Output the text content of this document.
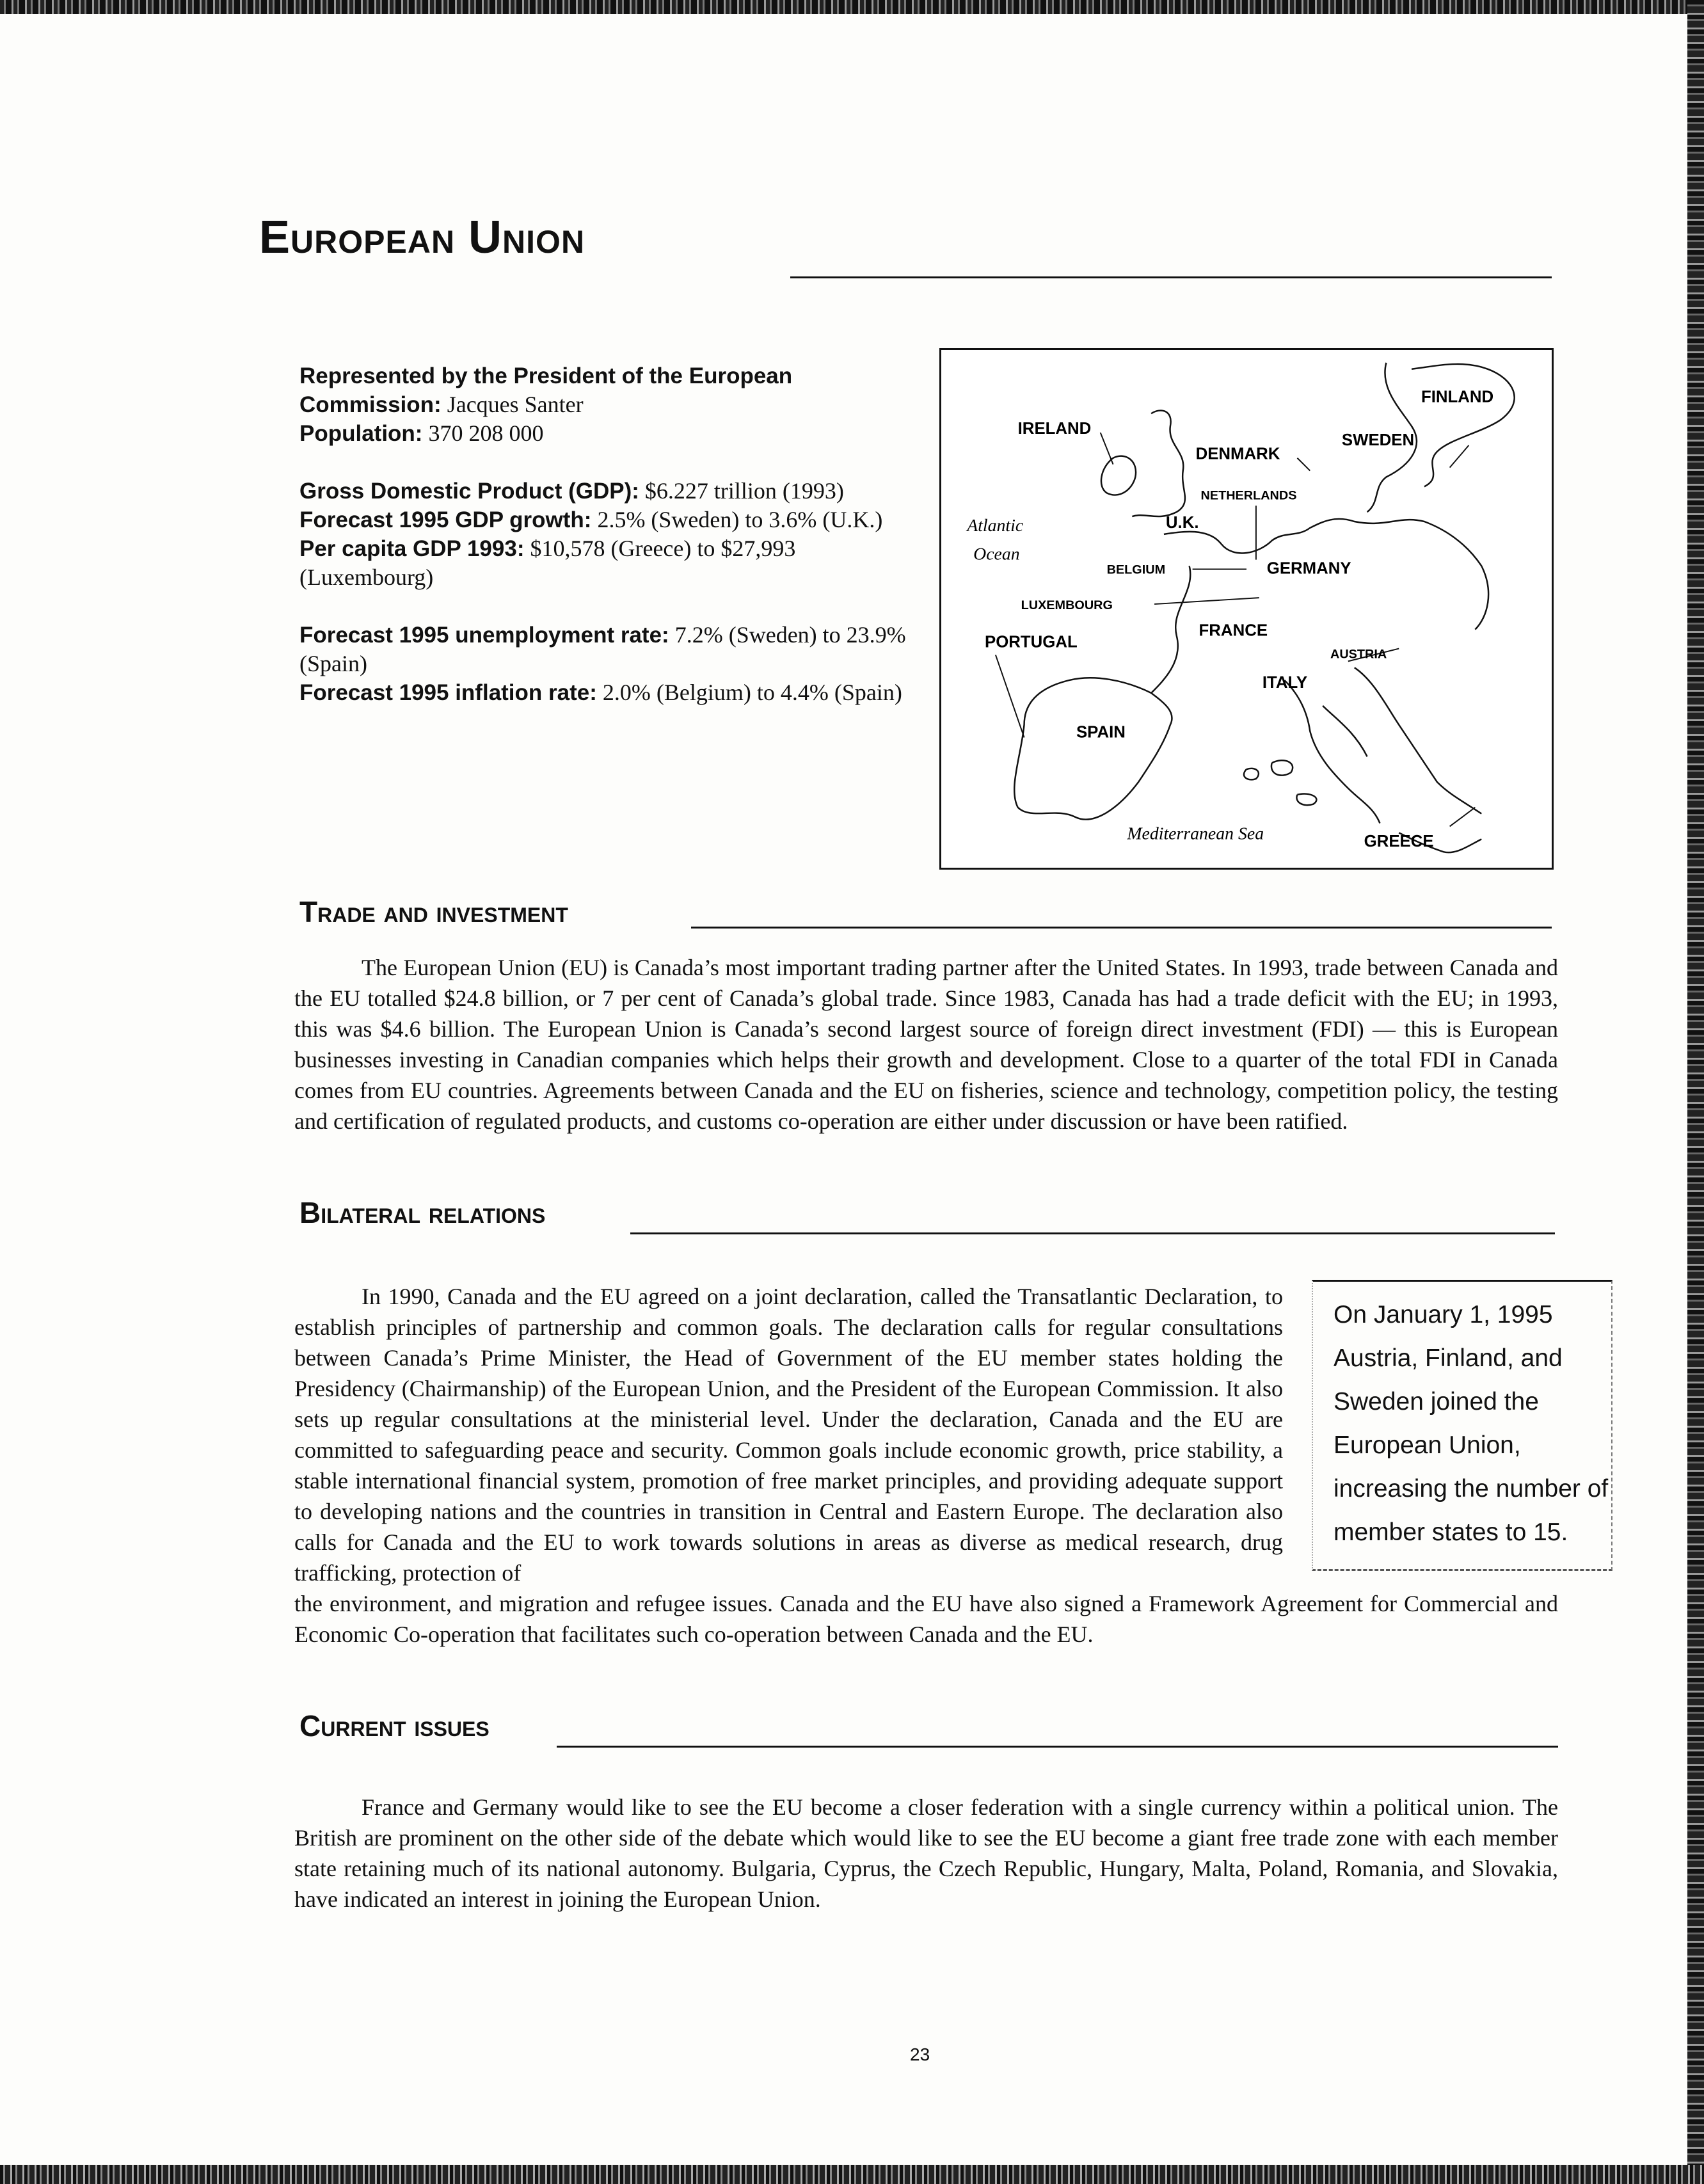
European Union

Represented by the President of the European Commission: Jacques Santer

Population: 370 208 000

Gross Domestic Product (GDP): $6.227 trillion (1993)

Forecast 1995 GDP growth: 2.5% (Sweden) to 3.6% (U.K.)

Per capita GDP 1993: $10,578 (Greece) to $27,993 (Luxembourg)

Forecast 1995 unemployment rate: 7.2% (Sweden) to 23.9% (Spain)

Forecast 1995 inflation rate: 2.0% (Belgium) to 4.4% (Spain)

FINLAND
IRELAND
SWEDEN
DENMARK
NETHERLANDS
U.K.
BELGIUM	GERMANY
LUXEMBOURG
FRANCE
PORTUGAL
AUSTRIA
ITALY
SPAIN
GREECE
Atlantic
Ocean
Mediterranean Sea
Trade and investment

The European Union (EU) is Canada’s most important trading partner after the United States. In 1993, trade between Canada and the EU totalled $24.8 billion, or 7 per cent of Canada’s global trade. Since 1983, Canada has had a trade deficit with the EU; in 1993, this was $4.6 billion. The European Union is Canada’s second largest source of foreign direct investment (FDI) — this is European businesses investing in Canadian companies which helps their growth and development. Close to a quarter of the total FDI in Canada comes from EU countries. Agreements between Canada and the EU on fisheries, science and technology, competition policy, the testing and certification of regulated products, and customs co-operation are either under discussion or have been ratified.

Bilateral relations

In 1990, Canada and the EU agreed on a joint declaration, called the Transatlantic Declaration, to establish principles of partnership and common goals. The declaration calls for regular consultations between Canada’s Prime Minister, the Head of Government of the EU member states holding the Presidency (Chairmanship) of the European Union, and the President of the European Commission. It also sets up regular consultations at the ministerial level. Under the declaration, Canada and the EU are committed to safeguarding peace and security. Common goals include economic growth, price stability, a stable international financial system, promotion of free market principles, and providing adequate support to developing nations and the countries in transition in Central and Eastern Europe. The declaration also calls for Canada and the EU to work towards solutions in areas as diverse as medical research, drug trafficking, protection of

the environment, and migration and refugee issues. Canada and the EU have also signed a Framework Agreement for Commercial and Economic Co-operation that facilitates such co-operation between Canada and the EU.

On January 1, 1995 Austria, Finland, and Sweden joined the European Union, increasing the number of member states to 15.

Current issues

France and Germany would like to see the EU become a closer federation with a single currency within a political union. The British are prominent on the other side of the debate which would like to see the EU become a giant free trade zone with each member state retaining much of its national autonomy. Bulgaria, Cyprus, the Czech Republic, Hungary, Malta, Poland, Romania, and Slovakia, have indicated an interest in joining the European Union.

23
